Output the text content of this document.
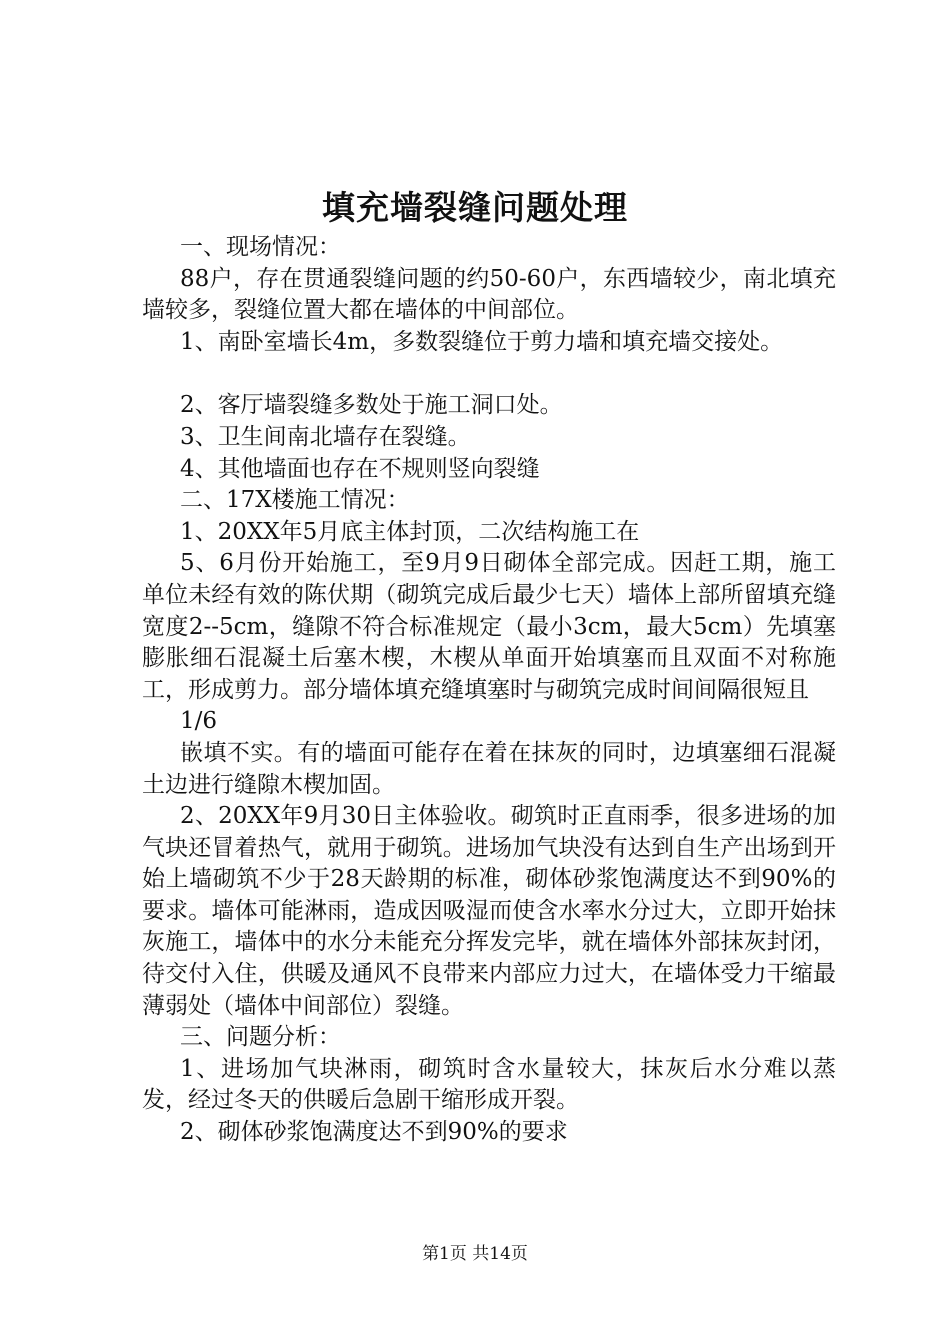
填充墙裂缝问题处理

一、现场情况：

88户，存在贯通裂缝问题的约50-60户，东西墙较少，南北填充墙较多，裂缝位置大都在墙体的中间部位。

1、南卧室墙长4m，多数裂缝位于剪力墙和填充墙交接处。

2、客厅墙裂缝多数处于施工洞口处。

3、卫生间南北墙存在裂缝。

4、其他墙面也存在不规则竖向裂缝

二、17X楼施工情况：

1、20XX年5月底主体封顶，二次结构施工在

5、6月份开始施工，至9月9日砌体全部完成。因赶工期，施工单位未经有效的陈伏期（砌筑完成后最少七天）墙体上部所留填充缝宽度2--5cm，缝隙不符合标准规定（最小3cm，最大5cm）先填塞膨胀细石混凝土后塞木楔，木楔从单面开始填塞而且双面不对称施工，形成剪力。部分墙体填充缝填塞时与砌筑完成时间间隔很短且

1/6

嵌填不实。有的墙面可能存在着在抹灰的同时，边填塞细石混凝土边进行缝隙木楔加固。

2、20XX年9月30日主体验收。砌筑时正直雨季，很多进场的加气块还冒着热气，就用于砌筑。进场加气块没有达到自生产出场到开始上墙砌筑不少于28天龄期的标准，砌体砂浆饱满度达不到90%的要求。墙体可能淋雨，造成因吸湿而使含水率水分过大，立即开始抹灰施工，墙体中的水分未能充分挥发完毕，就在墙体外部抹灰封闭，待交付入住，供暖及通风不良带来内部应力过大，在墙体受力干缩最薄弱处（墙体中间部位）裂缝。

三、问题分析：

1、进场加气块淋雨，砌筑时含水量较大，抹灰后水分难以蒸发，经过冬天的供暖后急剧干缩形成开裂。

2、砌体砂浆饱满度达不到90%的要求

第1页 共14页
